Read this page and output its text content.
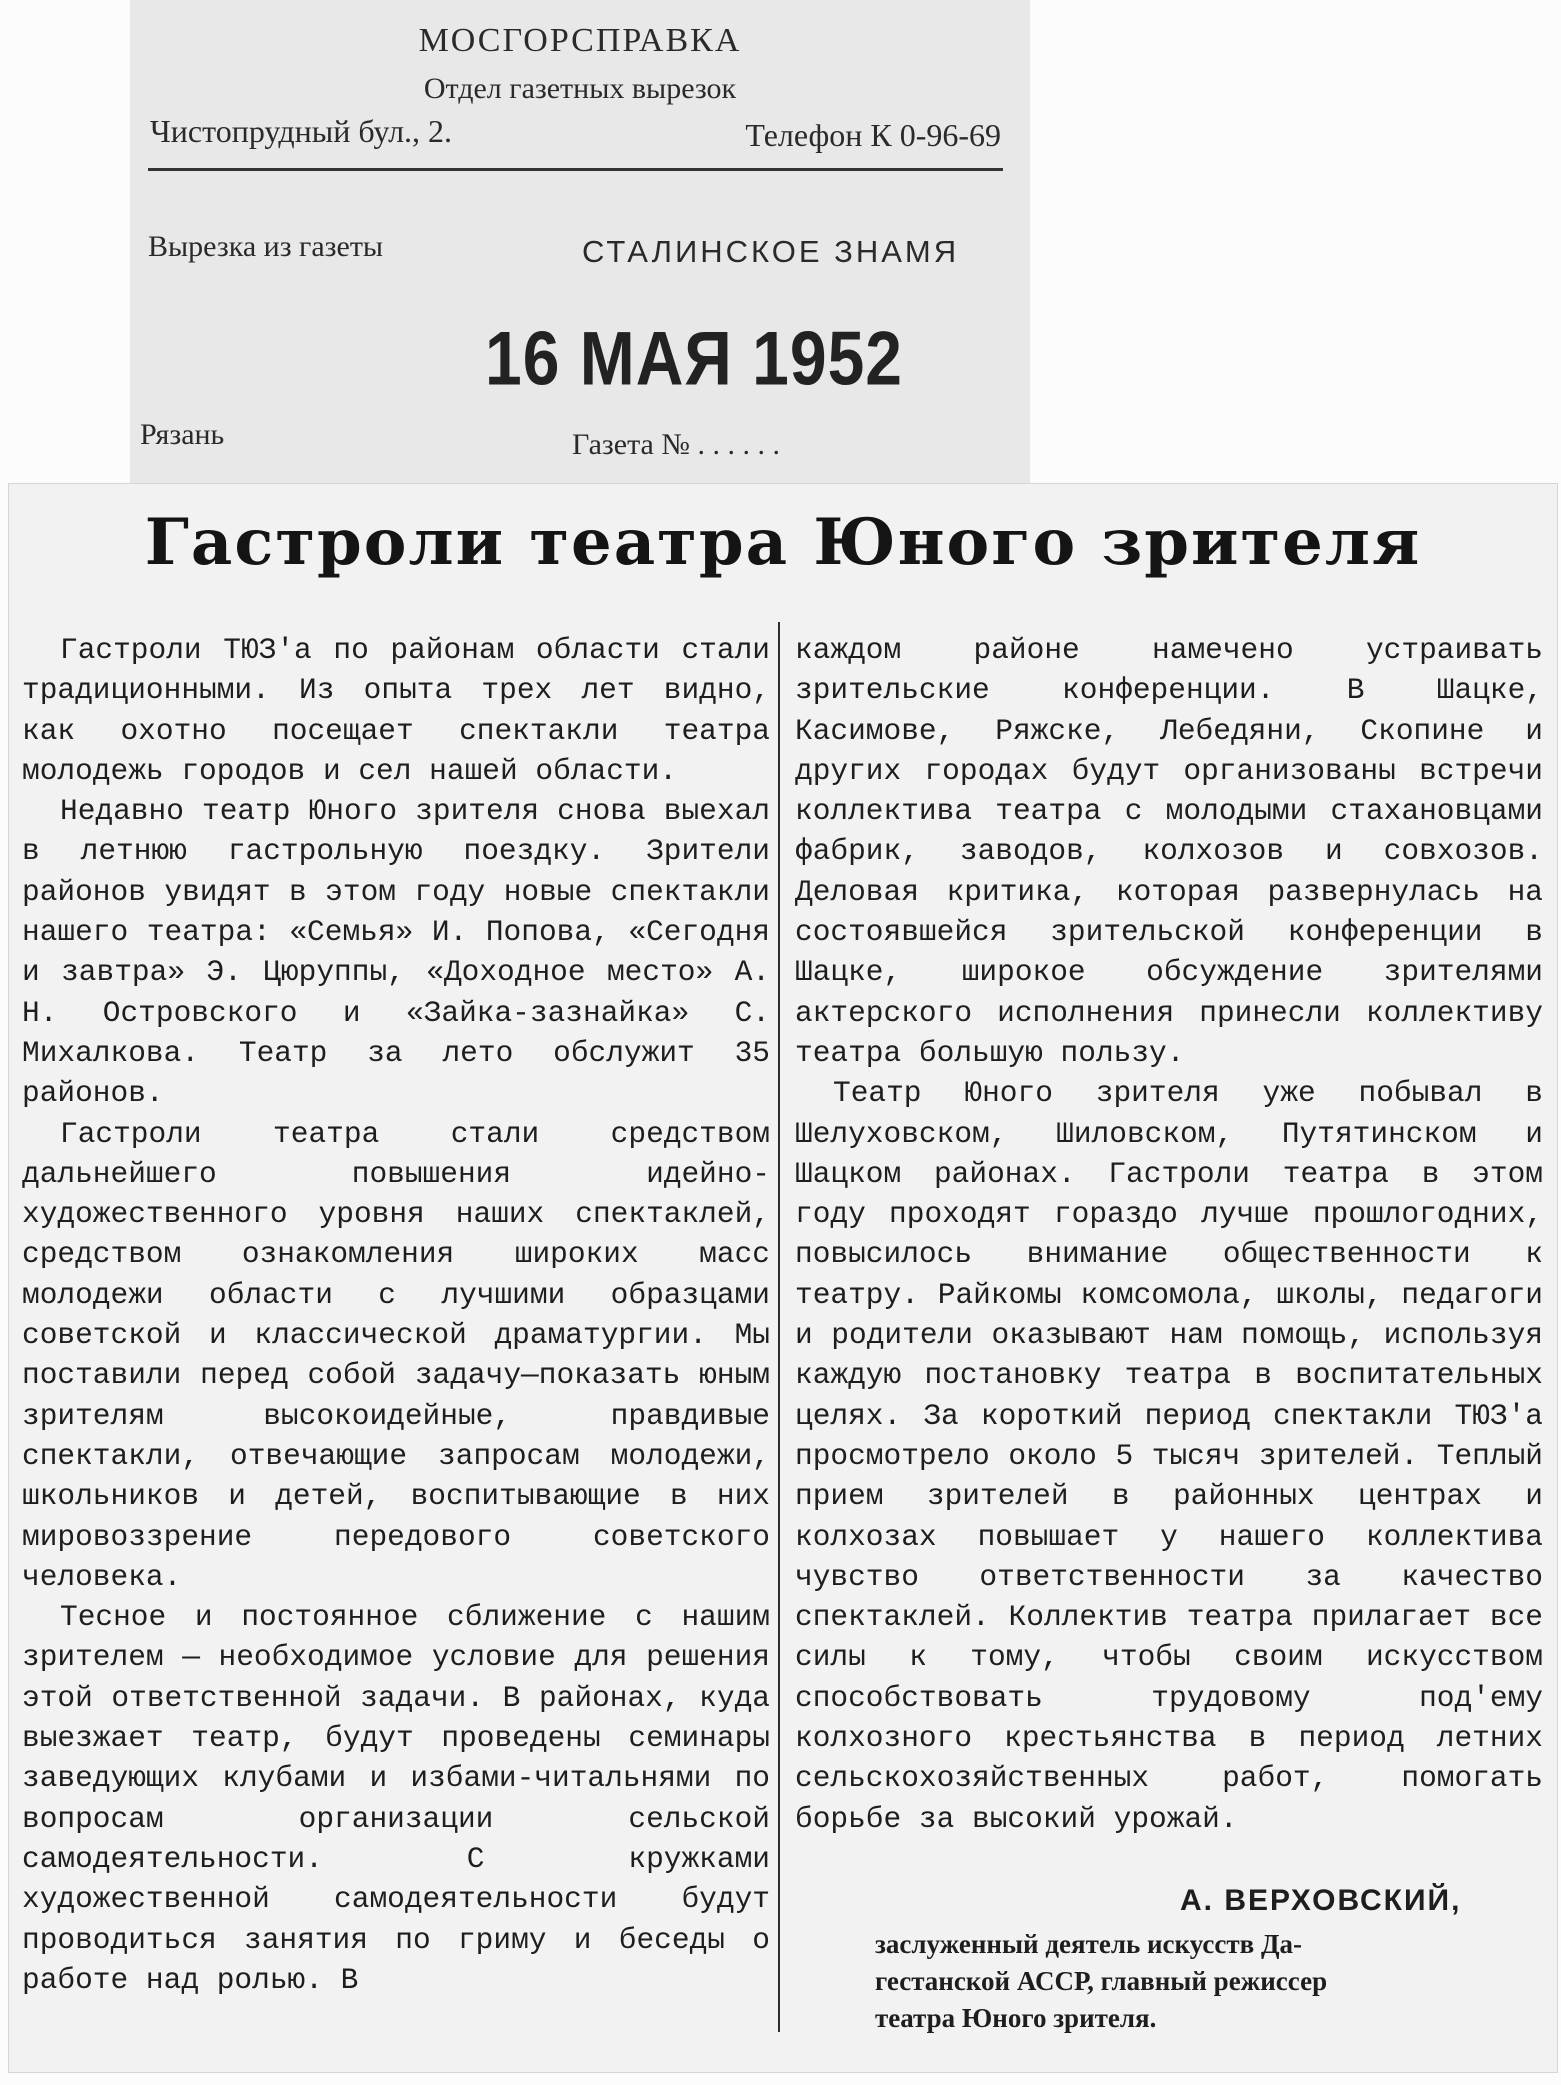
МОСГОРСПРАВКА
Отдел газетных вырезок
Чистопрудный бул., 2.	Телефон К 0-96-69
Вырезка из газеты	СТАЛИНСКОЕ ЗНАМЯ
16 МАЯ 1952
Рязань	Газета № . . . . . .
Гастроли театра Юного зрителя

Гастроли ТЮЗ'а по районам области стали традиционными. Из опыта трех лет видно, как охотно посещает спектакли театра молодежь городов и сел нашей области.

Недавно театр Юного зрителя снова выехал в летнюю гастрольную поездку. Зрители районов увидят в этом году новые спектакли нашего театра: «Семья» И. Попова, «Сегодня и завтра» Э. Цюруппы, «Доходное место» А. Н. Островского и «Зайка-зазнайка» С. Михалкова. Театр за лето обслужит 35 районов.

Гастроли театра стали средством дальнейшего повышения идейно-художественного уровня наших спектаклей, средством ознакомления широких масс молодежи области с лучшими образцами советской и классической драматургии. Мы поставили перед собой задачу—показать юным зрителям высокоидейные, правдивые спектакли, отвечающие запросам молодежи, школьников и детей, воспитывающие в них мировоззрение передового советского человека.

Тесное и постоянное сближение с нашим зрителем — необходимое условие для решения этой ответственной задачи. В районах, куда выезжает театр, будут проведены семинары заведующих клубами и избами-читальнями по вопросам организации сельской самодеятельности. С кружками художественной самодеятельности будут проводиться занятия по гриму и беседы о работе над ролью. В

каждом районе намечено устраивать зрительские конференции. В Шацке, Касимове, Ряжске, Лебедяни, Скопине и других городах будут организованы встречи коллектива театра с молодыми стахановцами фабрик, заводов, колхозов и совхозов. Деловая критика, которая развернулась на состоявшейся зрительской конференции в Шацке, широкое обсуждение зрителями актерского исполнения принесли коллективу театра большую пользу.

Театр Юного зрителя уже побывал в Шелуховском, Шиловском, Путятинском и Шацком районах. Гастроли театра в этом году проходят гораздо лучше прошлогодних, повысилось внимание общественности к театру. Райкомы комсомола, школы, педагоги и родители оказывают нам помощь, используя каждую постановку театра в воспитательных целях. За короткий период спектакли ТЮЗ'а просмотрело около 5 тысяч зрителей. Теплый прием зрителей в районных центрах и колхозах повышает у нашего коллектива чувство ответственности за качество спектаклей. Коллектив театра прилагает все силы к тому, чтобы своим искусством способствовать трудовому под'ему колхозного крестьянства в период летних сельскохозяйственных работ, помогать борьбе за высокий урожай.

А. ВЕРХОВСКИЙ,
заслуженный деятель искусств Да-
гестанской АССР, главный режиссер
театра Юного зрителя.
